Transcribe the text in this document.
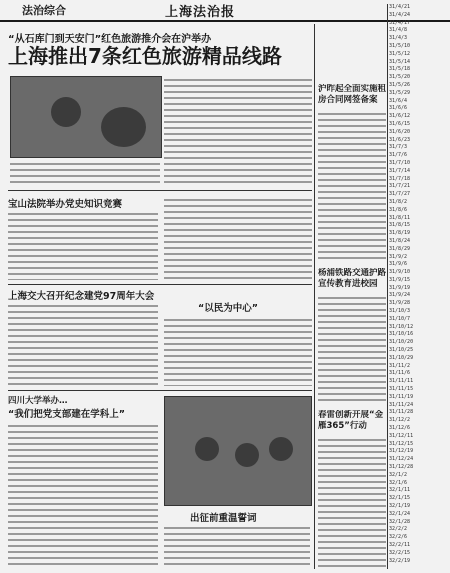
法治综合	上海法治报
“从石库门到天安门”红色旅游推介会在沪举办
上海推出7条红色旅游精品线路
宝山法院举办党史知识竞赛
上海交大召开纪念建党97周年大会
“以民为中心”
四川大学举办…
“我们把党支部建在学科上”
出征前重温誓词
沪昨起全面实施租房合同网签备案
杨浦铁路交通护路宣传教育进校园
春雷创新开展“金雁365”行动
31/4/21
31/4/24
31/4/17
31/4/8
31/4/3
31/5/10
31/5/12
31/5/14
31/5/18
31/5/20
31/5/26
31/5/29
31/6/4
31/6/6
31/6/12
31/6/15
31/6/20
31/6/23
31/7/3
31/7/6
31/7/10
31/7/14
31/7/18
31/7/21
31/7/27
31/8/2
31/8/6
31/8/11
31/8/15
31/8/19
31/8/24
31/8/29
31/9/2
31/9/6
31/9/10
31/9/15
31/9/19
31/9/24
31/9/28
31/10/3
31/10/7
31/10/12
31/10/16
31/10/20
31/10/25
31/10/29
31/11/2
31/11/6
31/11/11
31/11/15
31/11/19
31/11/24
31/11/28
31/12/2
31/12/6
31/12/11
31/12/15
31/12/19
31/12/24
31/12/28
32/1/2
32/1/6
32/1/11
32/1/15
32/1/19
32/1/24
32/1/28
32/2/2
32/2/6
32/2/11
32/2/15
32/2/19
